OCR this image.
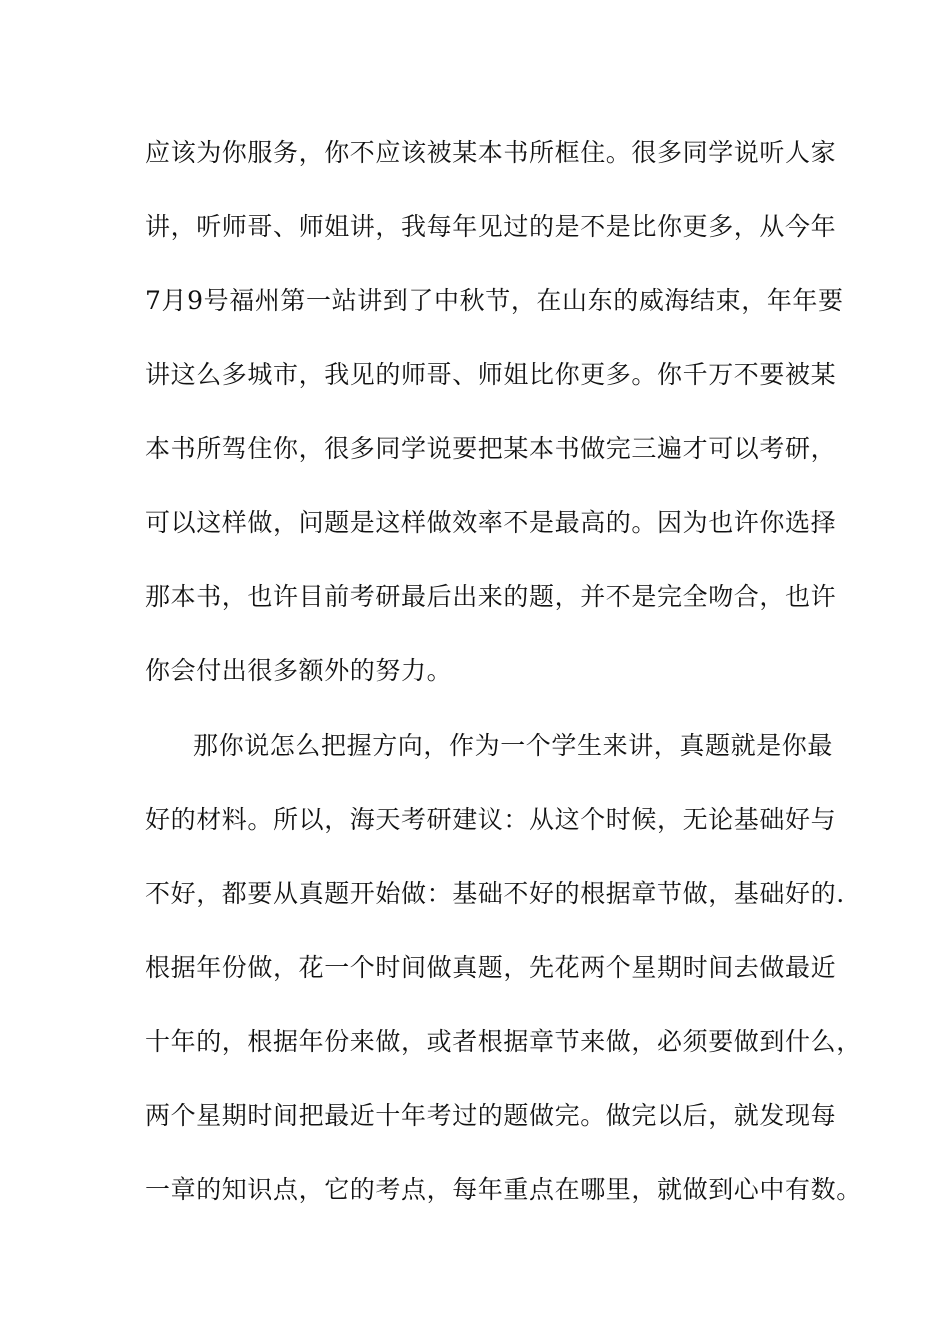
应该为你服务，你不应该被某本书所框住。很多同学说听人家
讲，听师哥、师姐讲，我每年见过的是不是比你更多，从今年
7月9号福州第一站讲到了中秋节，在山东的威海结束，年年要
讲这么多城市，我见的师哥、师姐比你更多。你千万不要被某
本书所驾住你，很多同学说要把某本书做完三遍才可以考研，
可以这样做，问题是这样做效率不是最高的。因为也许你选择
那本书，也许目前考研最后出来的题，并不是完全吻合，也许
你会付出很多额外的努力。
那你说怎么把握方向，作为一个学生来讲，真题就是你最
好的材料。所以，海天考研建议：从这个时候，无论基础好与
不好，都要从真题开始做：基础不好的根据章节做，基础好的.
根据年份做，花一个时间做真题，先花两个星期时间去做最近
十年的，根据年份来做，或者根据章节来做，必须要做到什么，
两个星期时间把最近十年考过的题做完。做完以后，就发现每
一章的知识点，它的考点，每年重点在哪里，就做到心中有数。
